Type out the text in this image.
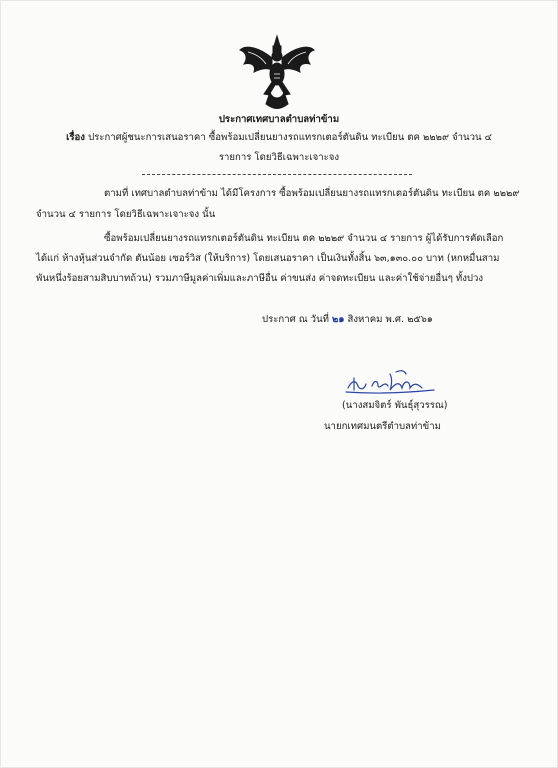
ประกาศเทศบาลตำบลท่าข้าม
เรื่อง ประกาศผู้ชนะการเสนอราคา ซื้อพร้อมเปลี่ยนยางรถแทรกเตอร์ตันดิน ทะเบียน ตค ๒๒๒๙ จำนวน ๔
รายการ โดยวิธีเฉพาะเจาะจง
ตามที่ เทศบาลตำบลท่าข้าม ได้มีโครงการ ซื้อพร้อมเปลี่ยนยางรถแทรกเตอร์ตันดิน ทะเบียน ตค ๒๒๒๙
จำนวน ๔ รายการ โดยวิธีเฉพาะเจาะจง นั้น
ซื้อพร้อมเปลี่ยนยางรถแทรกเตอร์ตันดิน ทะเบียน ตค ๒๒๒๙ จำนวน ๔ รายการ ผู้ได้รับการคัดเลือก
ได้แก่ ห้างหุ้นส่วนจำกัด ตันน้อย เซอร์วิส (ให้บริการ) โดยเสนอราคา เป็นเงินทั้งสิ้น ๖๓,๑๓๐.๐๐ บาท (หกหมื่นสาม
พันหนึ่งร้อยสามสิบบาทถ้วน) รวมภาษีมูลค่าเพิ่มและภาษีอื่น ค่าขนส่ง ค่าจดทะเบียน และค่าใช้จ่ายอื่นๆ ทั้งปวง
ประกาศ ณ วันที่ ๒๑ สิงหาคม พ.ศ. ๒๕๖๑
(นางสมจิตร์ พันธุ์สุวรรณ)
นายกเทศมนตรีตำบลท่าข้าม
